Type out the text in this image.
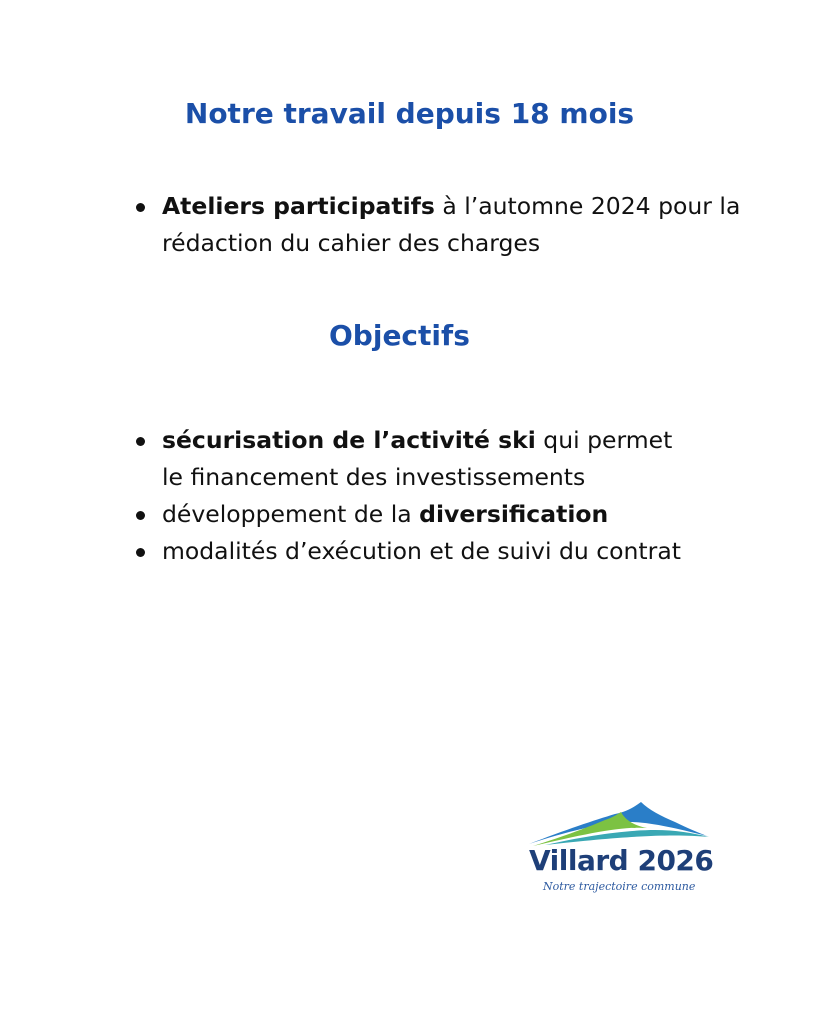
Notre travail depuis 18 mois
Ateliers participatifs à l’automne 2024 pour la rédaction du cahier des charges
Objectifs
sécurisation de l’activité ski qui permet
le financement des investissements
développement de la diversification
modalités d’exécution et de suivi du contrat
Villard 2026
Notre trajectoire commune
